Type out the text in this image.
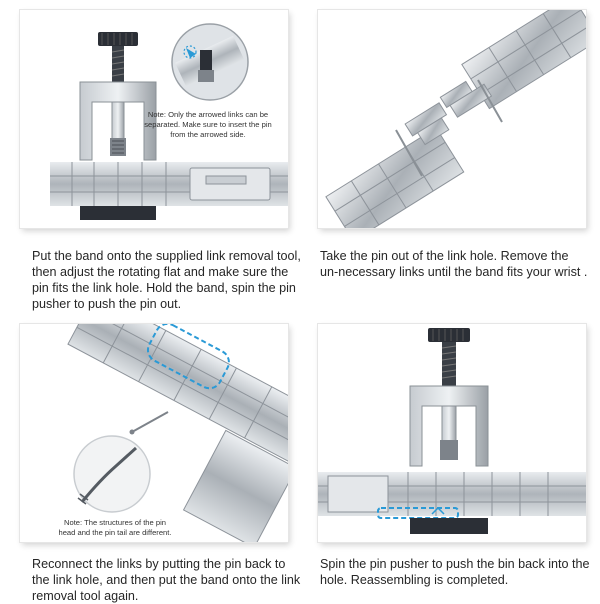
Note: Only the arrowed links can be separated. Make sure to insert the pin from the arrowed side.
Put the band onto the supplied link removal tool, then adjust the rotating flat and make sure the pin fits the link hole. Hold the band, spin the pin pusher to push the pin out.
Take the pin out of the link hole. Remove the un-necessary links until the band fits your wrist .
Note: The structures of the pin head and the pin tail are different.
Reconnect the links by putting the pin back to the link hole, and then put the band onto the link removal tool again.
Spin the pin pusher to push the bin back into the hole. Reassembling is completed.
